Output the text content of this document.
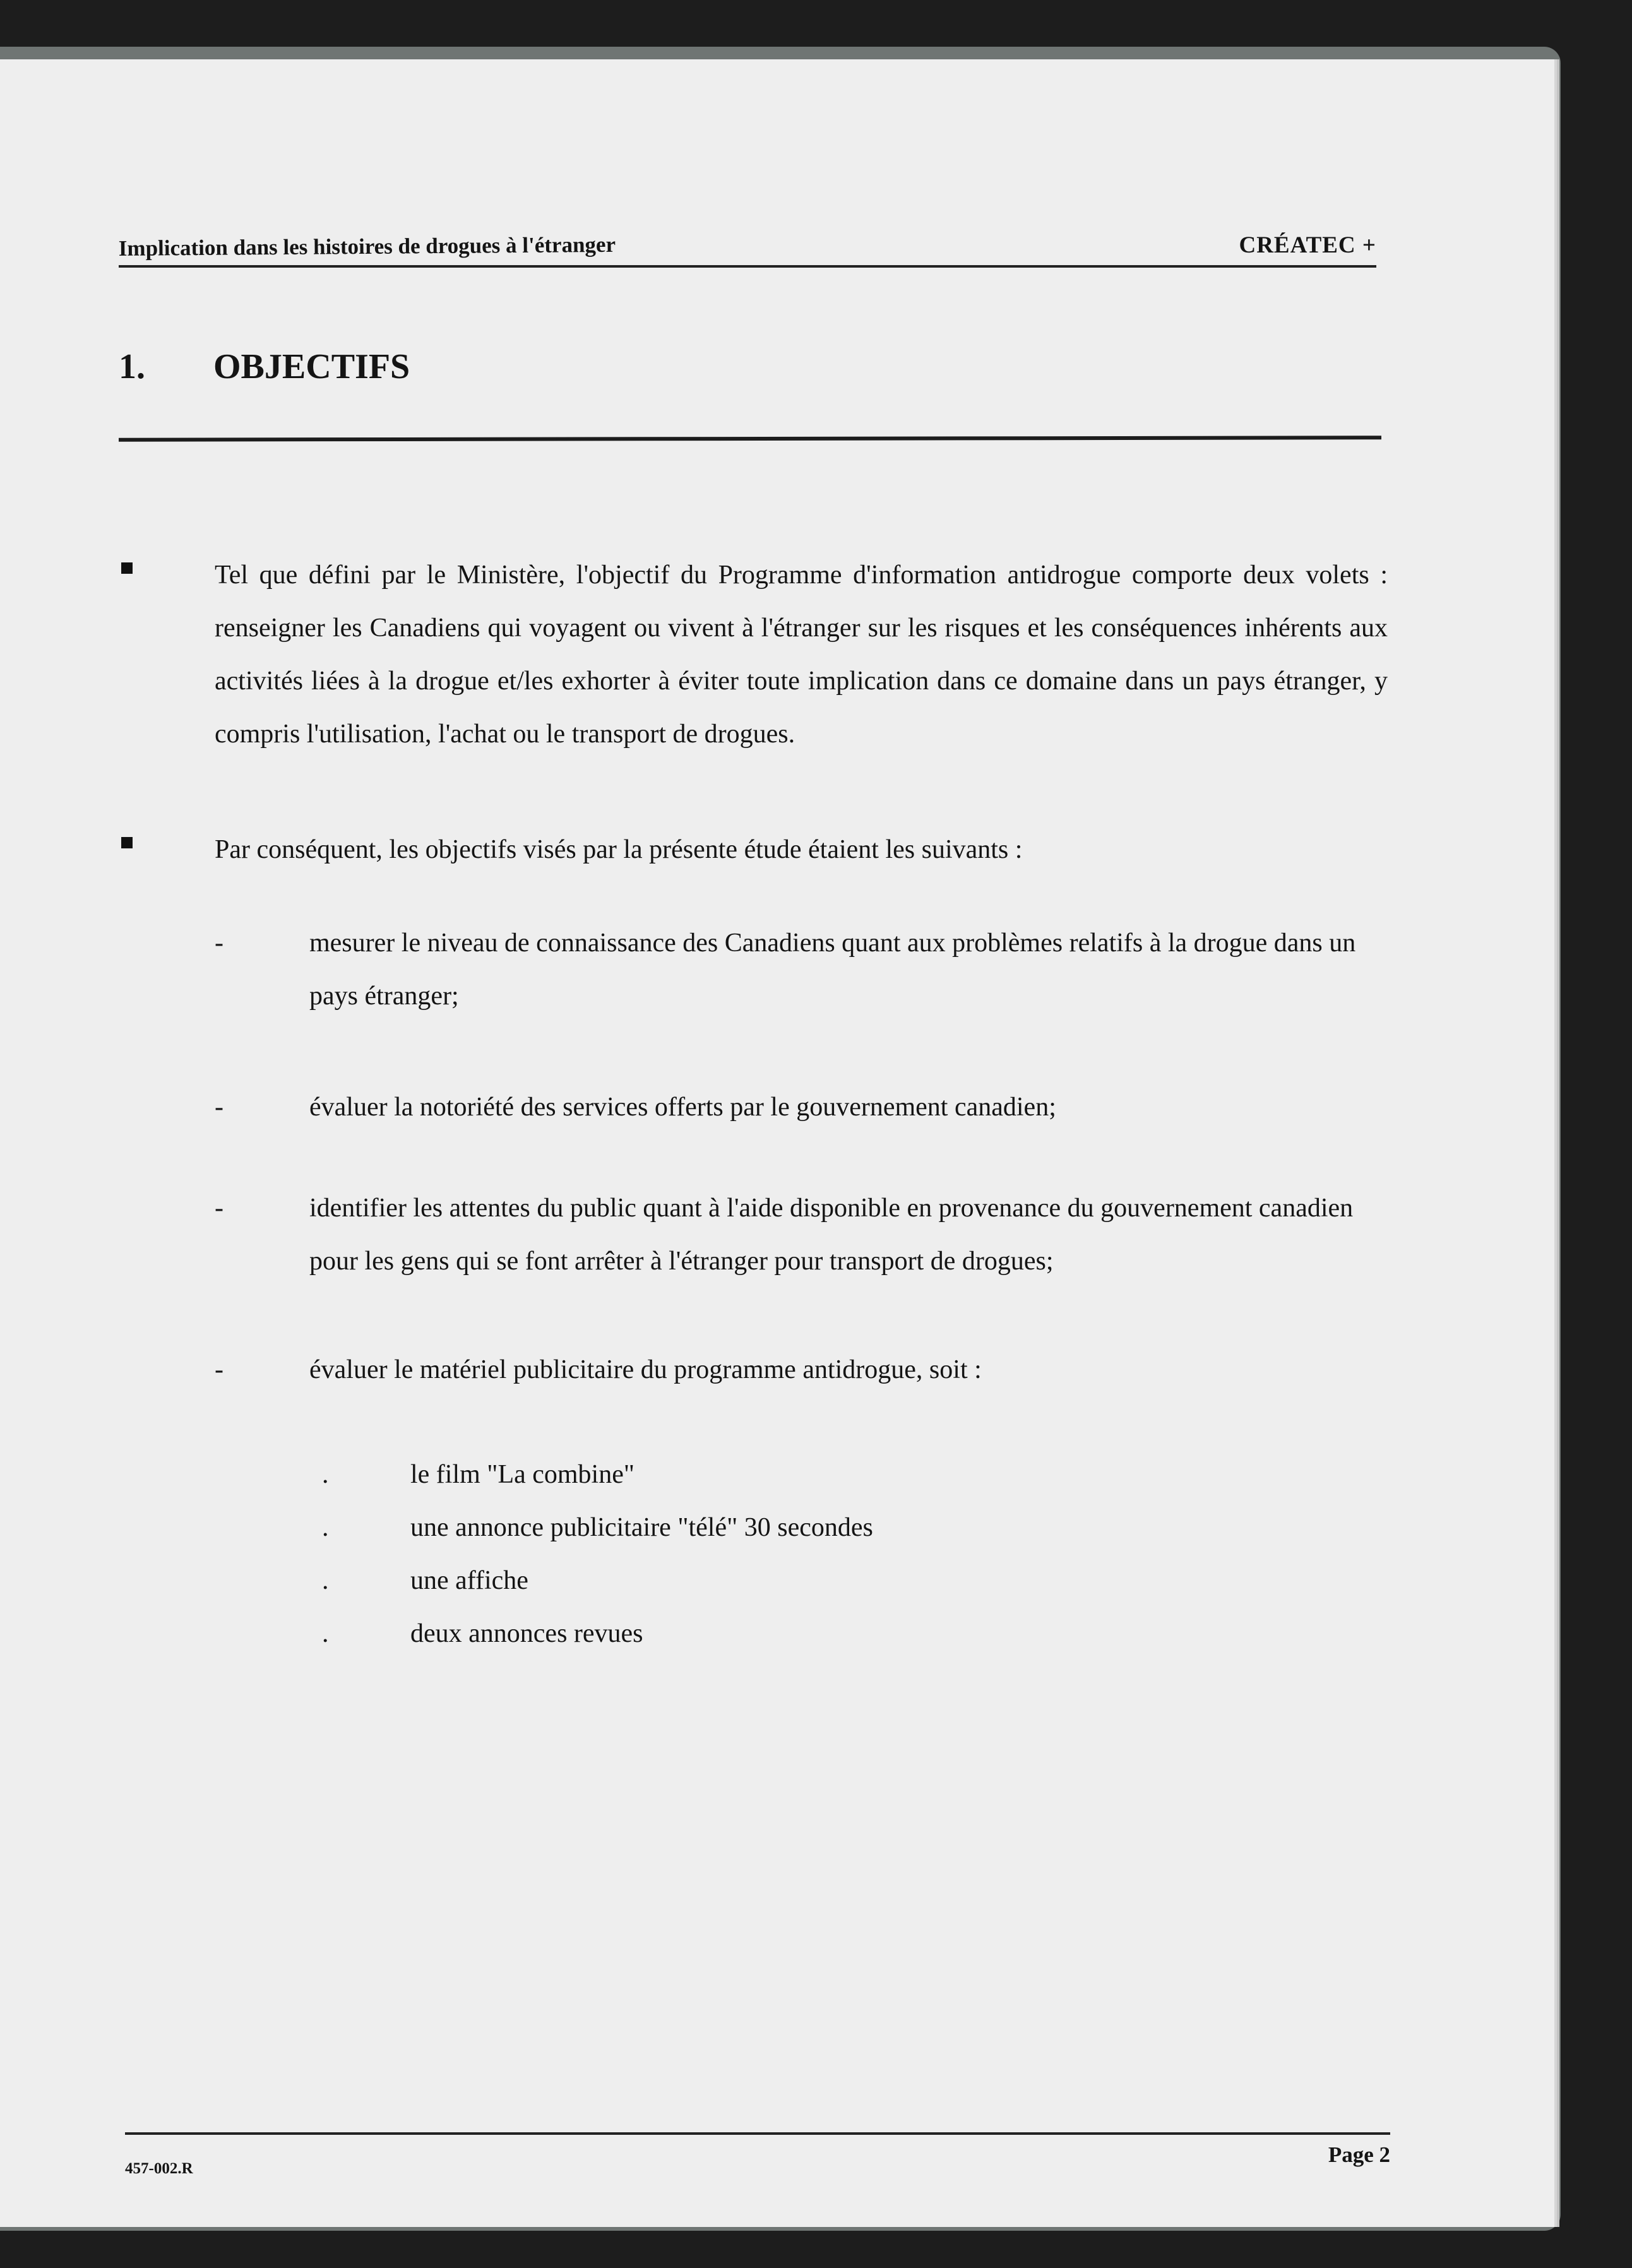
Implication dans les histoires de drogues à l'étranger	CRÉATEC +
1. OBJECTIFS
Tel que défini par le Ministère, l'objectif du Programme d'information antidrogue comporte deux volets : renseigner les Canadiens qui voyagent ou vivent à l'étranger sur les risques et les conséquences inhérents aux activités liées à la drogue et/les exhorter à éviter toute implication dans ce domaine dans un pays étranger, y compris l'utilisation, l'achat ou le transport de drogues.
Par conséquent, les objectifs visés par la présente étude étaient les suivants :
-	mesurer le niveau de connaissance des Canadiens quant aux problèmes relatifs à la drogue dans un pays étranger;
-	évaluer la notoriété des services offerts par le gouvernement canadien;
-	identifier les attentes du public quant à l'aide disponible en provenance du gouvernement canadien pour les gens qui se font arrêter à l'étranger pour transport de drogues;
-	évaluer le matériel publicitaire du programme antidrogue, soit :
.	le film "La combine"
.	une annonce publicitaire "télé" 30 secondes
.	une affiche
.	deux annonces revues
457-002.R
Page 2
